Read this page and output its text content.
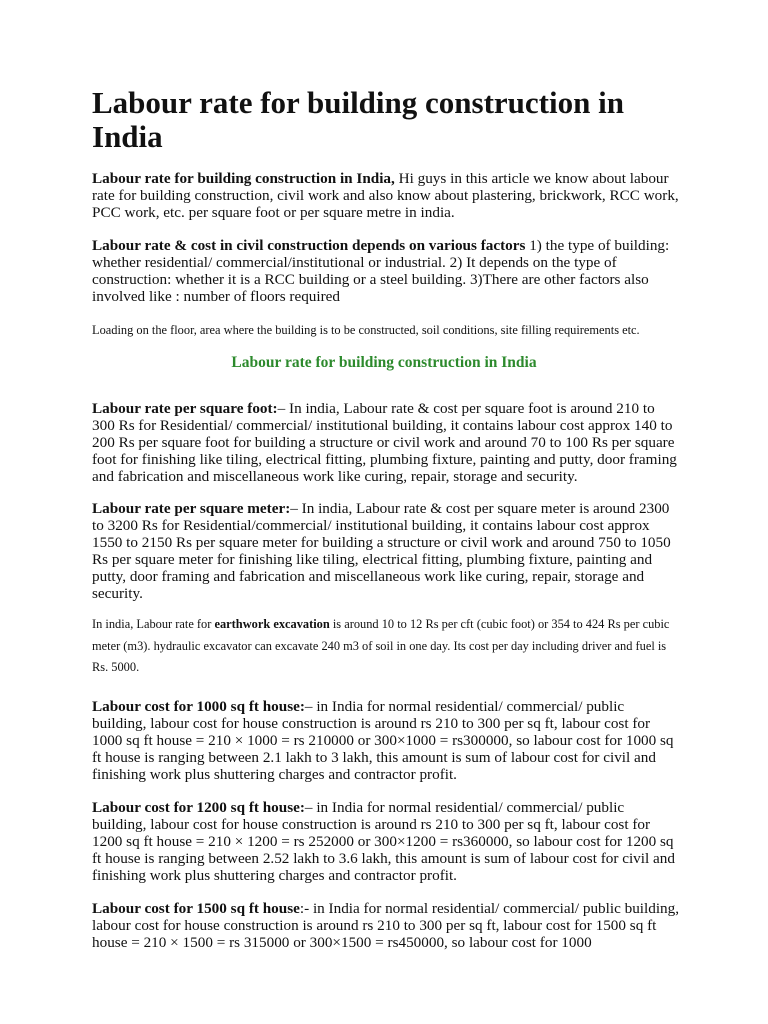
Labour rate for building construction in India

Labour rate for building construction in India, Hi guys in this article we know about labour rate for building construction, civil work and also know about plastering, brickwork, RCC work, PCC work, etc. per square foot or per square metre in india.

Labour rate & cost in civil construction depends on various factors 1) the type of building: whether residential/ commercial/institutional or industrial. 2) It depends on the type of construction: whether it is a RCC building or a steel building. 3)There are other factors also involved like : number of floors required

Loading on the floor, area where the building is to be constructed, soil conditions, site filling requirements etc.

Labour rate for building construction in India

Labour rate per square foot:– In india, Labour rate & cost per square foot is around 210 to 300 Rs for Residential/ commercial/ institutional building, it contains labour cost approx 140 to 200 Rs per square foot for building a structure or civil work and around 70 to 100 Rs per square foot for finishing like tiling, electrical fitting, plumbing fixture, painting and putty, door framing and fabrication and miscellaneous work like curing, repair, storage and security.

Labour rate per square meter:– In india, Labour rate & cost per square meter is around 2300 to 3200 Rs for Residential/commercial/ institutional building, it contains labour cost approx 1550 to 2150 Rs per square meter for building a structure or civil work and around 750 to 1050 Rs per square meter for finishing like tiling, electrical fitting, plumbing fixture, painting and putty, door framing and fabrication and miscellaneous work like curing, repair, storage and security.

In india, Labour rate for earthwork excavation is around 10 to 12 Rs per cft (cubic foot) or 354 to 424 Rs per cubic meter (m3). hydraulic excavator can excavate 240 m3 of soil in one day. Its cost per day including driver and fuel is Rs. 5000.

Labour cost for 1000 sq ft house:– in India for normal residential/ commercial/ public building, labour cost for house construction is around rs 210 to 300 per sq ft, labour cost for 1000 sq ft house = 210 × 1000 = rs 210000 or 300×1000 = rs300000, so labour cost for 1000 sq ft house is ranging between 2.1 lakh to 3 lakh, this amount is sum of labour cost for civil and finishing work plus shuttering charges and contractor profit.

Labour cost for 1200 sq ft house:– in India for normal residential/ commercial/ public building, labour cost for house construction is around rs 210 to 300 per sq ft, labour cost for 1200 sq ft house = 210 × 1200 = rs 252000 or 300×1200 = rs360000, so labour cost for 1200 sq ft house is ranging between 2.52 lakh to 3.6 lakh, this amount is sum of labour cost for civil and finishing work plus shuttering charges and contractor profit.

Labour cost for 1500 sq ft house:- in India for normal residential/ commercial/ public building, labour cost for house construction is around rs 210 to 300 per sq ft, labour cost for 1500 sq ft house = 210 × 1500 = rs 315000 or 300×1500 = rs450000, so labour cost for 1000
